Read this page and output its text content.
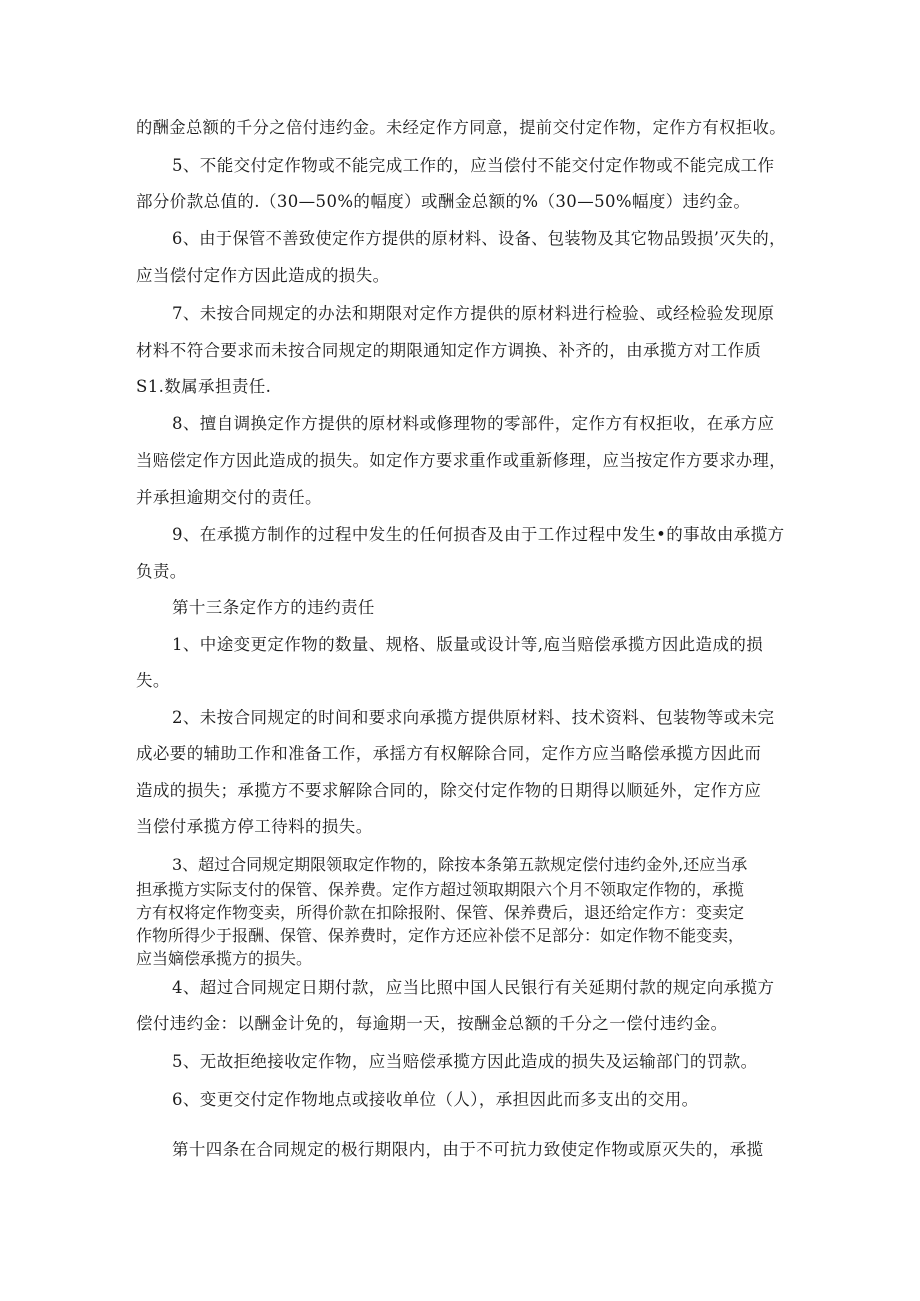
的酬金总额的千分之倍付违约金。未经定作方同意，提前交付定作物，定作方有权拒收。
5、不能交付定作物或不能完成工作的，应当偿付不能交付定作物或不能完成工作
部分价款总值的.（30—50%的幅度）或酬金总额的%（30—50%幅度）违约金。
6、由于保管不善致使定作方提供的原材料、设备、包装物及其它物品毁损’灭失的，
应当偿付定作方因此造成的损失。
7、未按合同规定的办法和期限对定作方提供的原材料进行检验、或经检验发现原
材料不符合要求而未按合同规定的期限通知定作方调换、补齐的，由承揽方对工作质
S1.数属承担责任.
8、擅自调换定作方提供的原材料或修理物的零部件，定作方有权拒收，在承方应
当赔偿定作方因此造成的损失。如定作方要求重作或重新修理，应当按定作方要求办理，
并承担逾期交付的责任。
9、在承揽方制作的过程中发生的任何损杳及由于工作过程中发生•的事故由承揽方
负责。
第十三条定作方的违约责任
1、中途变更定作物的数量、规格、版量或设计等,庖当赔偿承揽方因此造成的损
失。
2、未按合同规定的时间和要求向承揽方提供原材料、技术资料、包装物等或未完
成必要的辅助工作和准备工作，承揺方有权解除合同，定作方应当略偿承揽方因此而
造成的损失；承揽方不要求解除合同的，除交付定作物的日期得以顺延外，定作方应
当偿付承揽方停工待料的损失。
3、超过合同规定期限领取定作物的，除按本条第五款规定偿付违约金外,还应当承
担承揽方实际支付的保管、保养费。定作方超过领取期限六个月不领取定作物的，承揽
方有权将定作物变卖，所得价款在扣除报附、保管、保养费后，退还给定作方：变卖定
作物所得少于报酬、保管、保养费时，定作方还应补偿不足部分：如定作物不能变卖，
应当嫡偿承揽方的损失。
4、超过合同规定日期付款，应当比照中国人民银行有关延期付款的规定向承揽方
偿付违约金：以酬金计免的，每逾期一天，按酬金总额的千分之一偿付违约金。
5、无故拒绝接收定作物，应当赔偿承揽方因此造成的损失及运输部门的罚款。
6、变更交付定作物地点或接收单位（人），承担因此而多支出的交用。
第十四条在合同规定的极行期限内，由于不可抗力致使定作物或原灭失的，承揽
